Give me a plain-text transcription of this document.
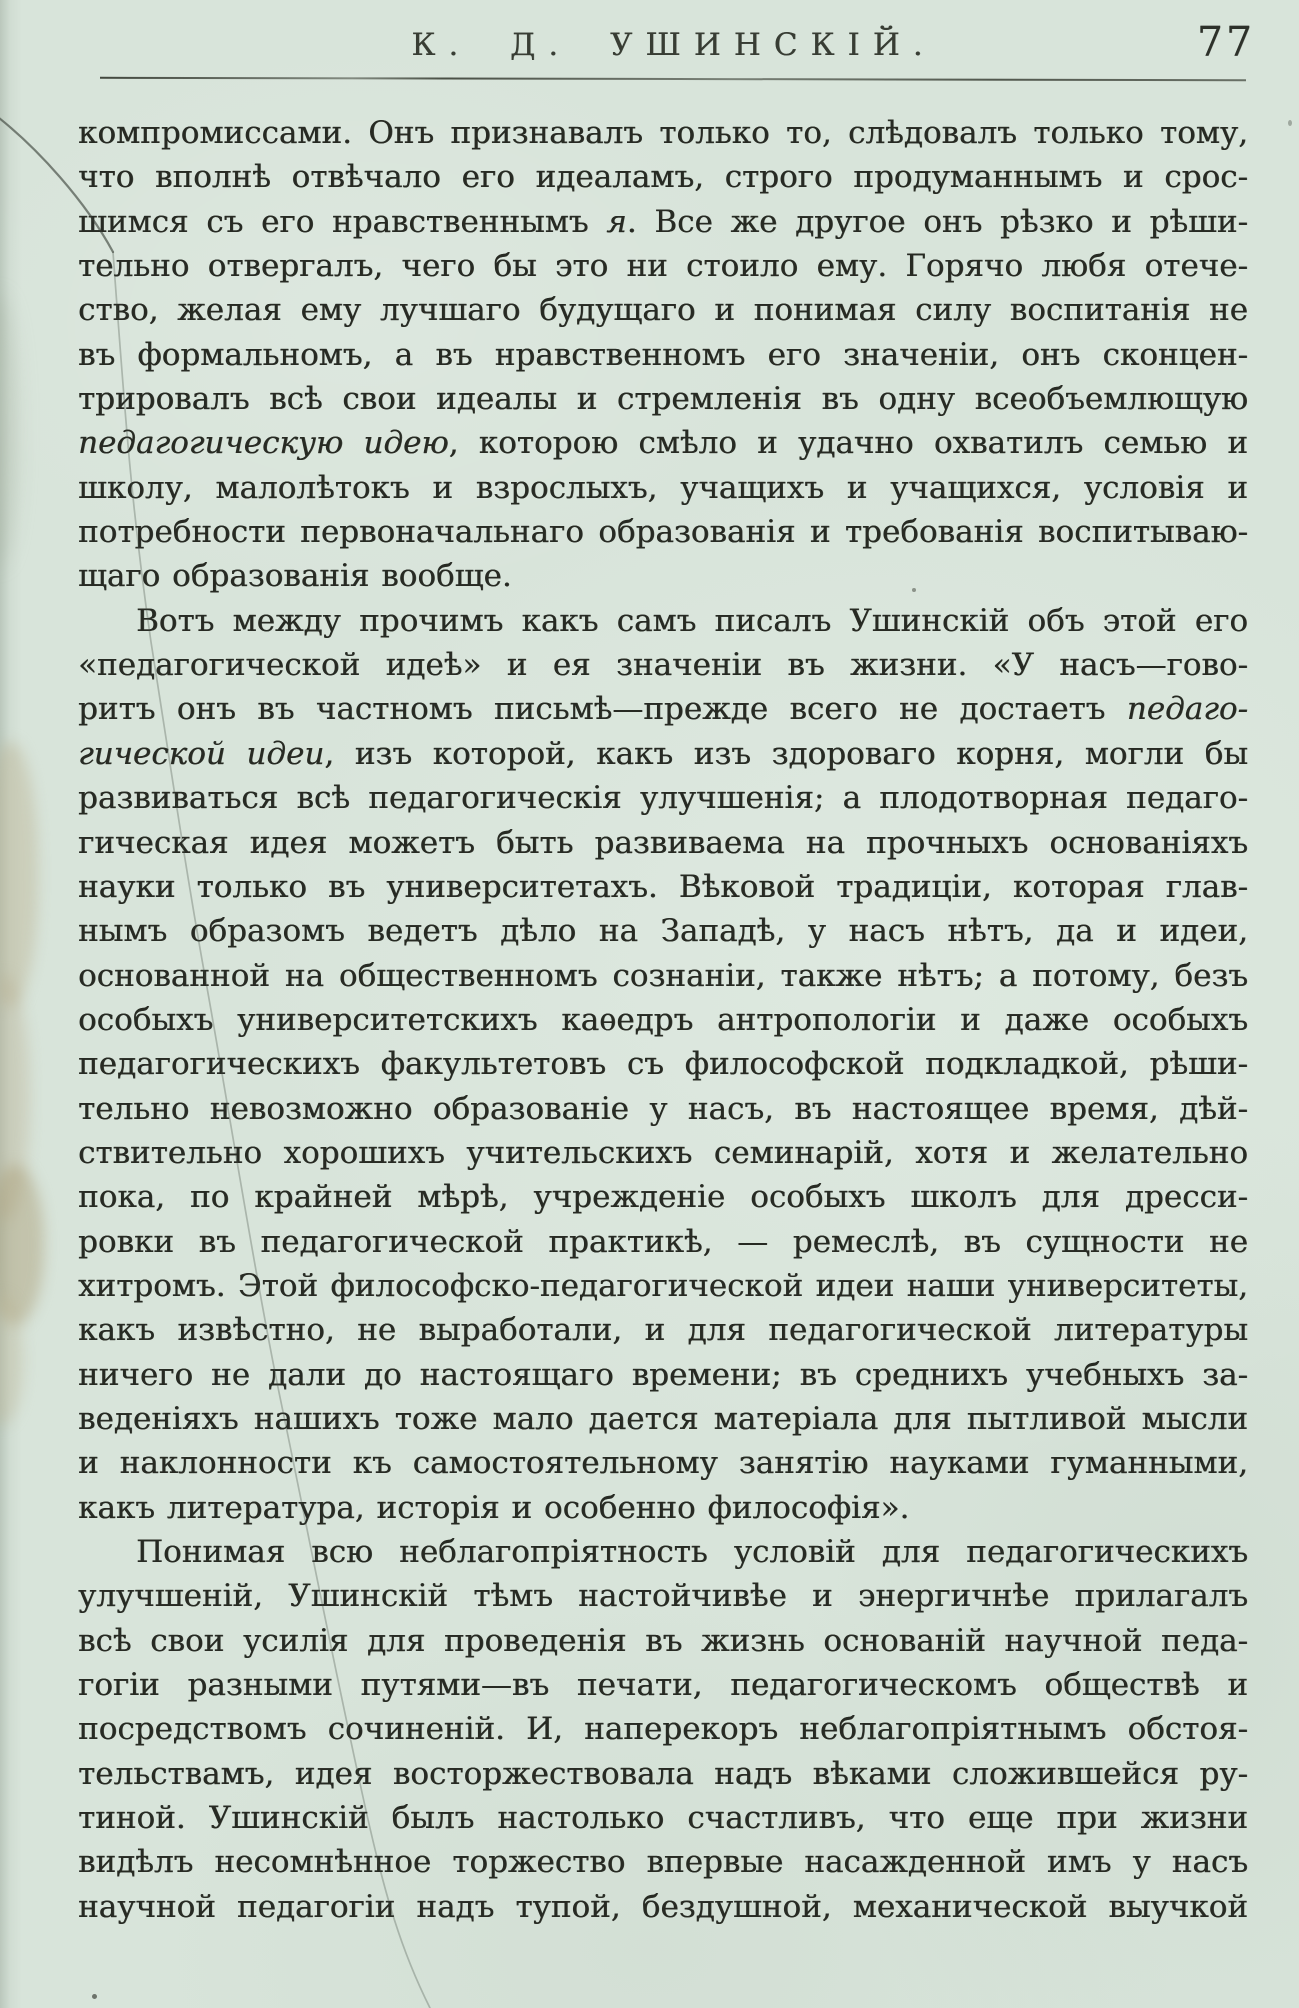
К. Д. УШИНСКІЙ.	77
компромиссами. Онъ признавалъ только то, слѣдовалъ только тому,
что вполнѣ отвѣчало его идеаламъ, строго продуманнымъ и срос-
шимся съ его нравственнымъ я. Все же другое онъ рѣзко и рѣши-
тельно отвергалъ, чего бы это ни стоило ему. Горячо любя отече-
ство, желая ему лучшаго будущаго и понимая силу воспитанія не
въ формальномъ, а въ нравственномъ его значеніи, онъ сконцен-
трировалъ всѣ свои идеалы и стремленія въ одну всеобъемлющую
педагогическую идею, которою смѣло и удачно охватилъ семью и
школу, малолѣтокъ и взрослыхъ, учащихъ и учащихся, условія и
потребности первоначальнаго образованія и требованія воспитываю-
щаго образованія вообще.
Вотъ между прочимъ какъ самъ писалъ Ушинскій объ этой его
«педагогической идеѣ» и ея значеніи въ жизни. «У насъ—гово-
ритъ онъ въ частномъ письмѣ—прежде всего не достаетъ педаго-
гической идеи, изъ которой, какъ изъ здороваго корня, могли бы
развиваться всѣ педагогическія улучшенія; а плодотворная педаго-
гическая идея можетъ быть развиваема на прочныхъ основаніяхъ
науки только въ университетахъ. Вѣковой традиціи, которая глав-
нымъ образомъ ведетъ дѣло на Западѣ, у насъ нѣтъ, да и идеи,
основанной на общественномъ сознаніи, также нѣтъ; а потому, безъ
особыхъ университетскихъ каѳедръ антропологіи и даже особыхъ
педагогическихъ факультетовъ съ философской подкладкой, рѣши-
тельно невозможно образованіе у насъ, въ настоящее время, дѣй-
ствительно хорошихъ учительскихъ семинарій, хотя и желательно
пока, по крайней мѣрѣ, учрежденіе особыхъ школъ для дресси-
ровки въ педагогической практикѣ, — ремеслѣ, въ сущности не
хитромъ. Этой философско-педагогической идеи наши университеты,
какъ извѣстно, не выработали, и для педагогической литературы
ничего не дали до настоящаго времени; въ среднихъ учебныхъ за-
веденіяхъ нашихъ тоже мало дается матеріала для пытливой мысли
и наклонности къ самостоятельному занятію науками гуманными,
какъ литература, исторія и особенно философія».
Понимая всю неблагопріятность условій для педагогическихъ
улучшеній, Ушинскій тѣмъ настойчивѣе и энергичнѣе прилагалъ
всѣ свои усилія для проведенія въ жизнь основаній научной педа-
гогіи разными путями—въ печати, педагогическомъ обществѣ и
посредствомъ сочиненій. И, наперекоръ неблагопріятнымъ обстоя-
тельствамъ, идея восторжествовала надъ вѣками сложившейся ру-
тиной. Ушинскій былъ настолько счастливъ, что еще при жизни
видѣлъ несомнѣнное торжество впервые насажденной имъ у насъ
научной педагогіи надъ тупой, бездушной, механической выучкой
